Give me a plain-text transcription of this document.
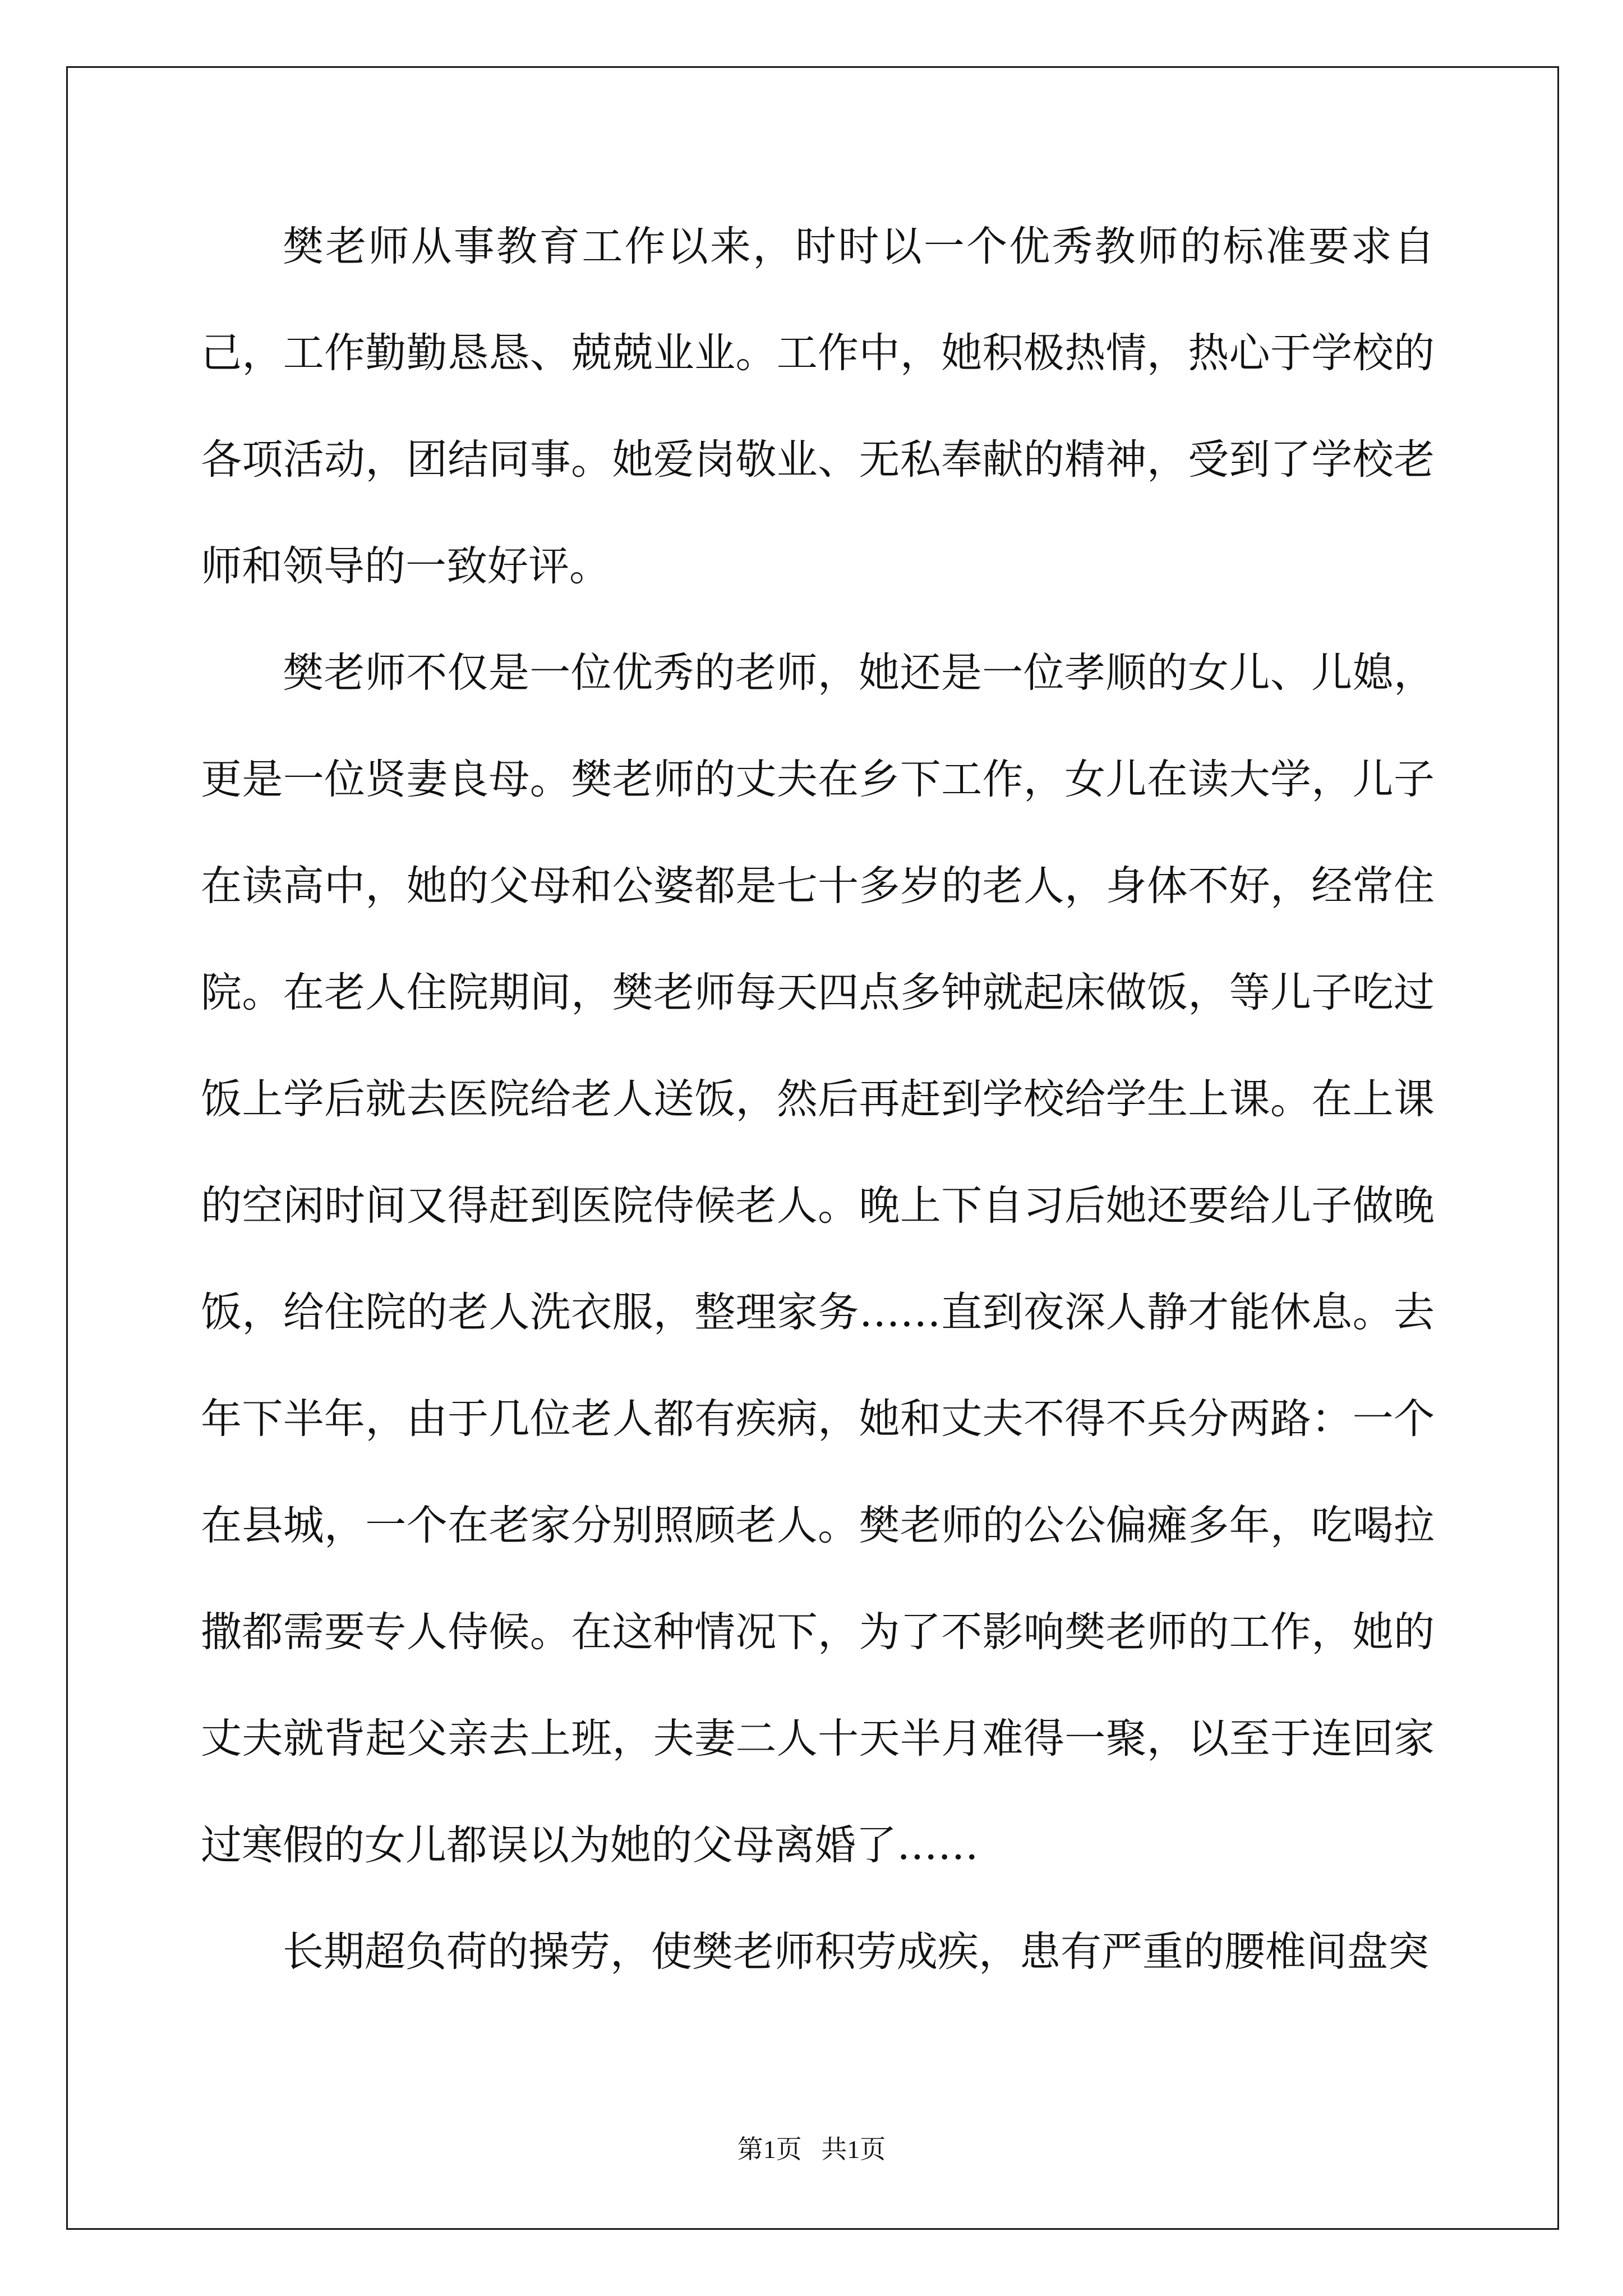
樊老师从事教育工作以来，时时以一个优秀教师的标准要求自己，工作勤勤恳恳、兢兢业业。工作中，她积极热情，热心于学校的各项活动，团结同事。她爱岗敬业、无私奉献的精神，受到了学校老师和领导的一致好评。

樊老师不仅是一位优秀的老师，她还是一位孝顺的女儿、儿媳，更是一位贤妻良母。樊老师的丈夫在乡下工作，女儿在读大学，儿子在读高中，她的父母和公婆都是七十多岁的老人，身体不好，经常住院。在老人住院期间，樊老师每天四点多钟就起床做饭，等儿子吃过饭上学后就去医院给老人送饭，然后再赶到学校给学生上课。在上课的空闲时间又得赶到医院侍候老人。晚上下自习后她还要给儿子做晚饭，给住院的老人洗衣服，整理家务……直到夜深人静才能休息。去年下半年，由于几位老人都有疾病，她和丈夫不得不兵分两路：一个在县城，一个在老家分别照顾老人。樊老师的公公偏瘫多年，吃喝拉撒都需要专人侍候。在这种情况下，为了不影响樊老师的工作，她的丈夫就背起父亲去上班，夫妻二人十天半月难得一聚，以至于连回家过寒假的女儿都误以为她的父母离婚了……

长期超负荷的操劳，使樊老师积劳成疾，患有严重的腰椎间盘突

第1页   共1页
